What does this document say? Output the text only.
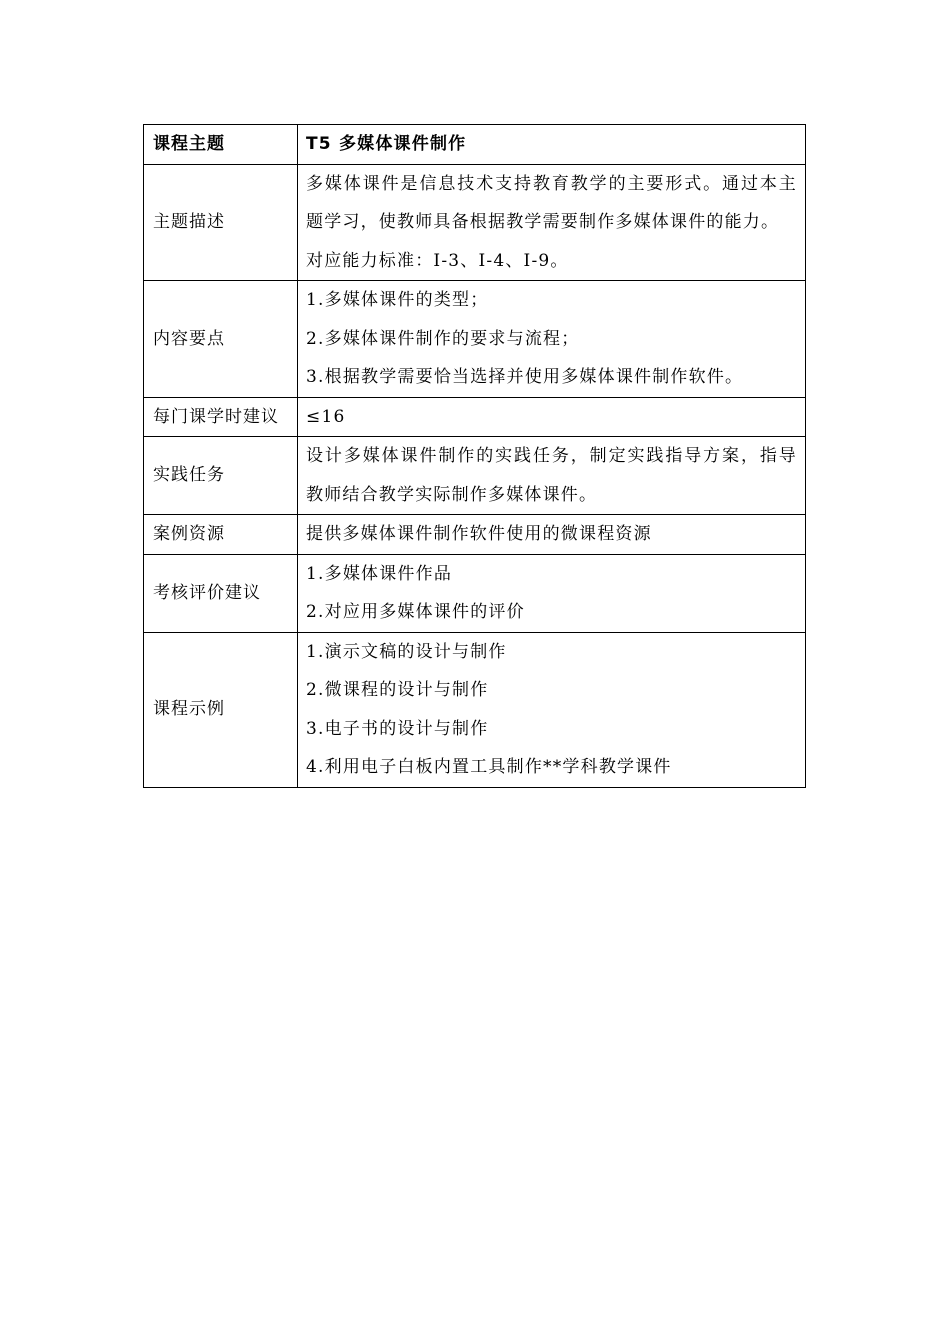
课程主题	T5 多媒体课件制作
主题描述	多媒体课件是信息技术支持教育教学的主要形式。通过本主题学习，使教师具备根据教学需要制作多媒体课件的能力。
对应能力标准：I-3、I-4、I-9。

内容要点	1.多媒体课件的类型；
2.多媒体课件制作的要求与流程；
3.根据教学需要恰当选择并使用多媒体课件制作软件。

每门课学时建议	≤16

实践任务	设计多媒体课件制作的实践任务，制定实践指导方案，指导教师结合教学实际制作多媒体课件。

案例资源	提供多媒体课件制作软件使用的微课程资源

考核评价建议	1.多媒体课件作品
2.对应用多媒体课件的评价

课程示例	1.演示文稿的设计与制作
2.微课程的设计与制作
3.电子书的设计与制作
4.利用电子白板内置工具制作**学科教学课件
